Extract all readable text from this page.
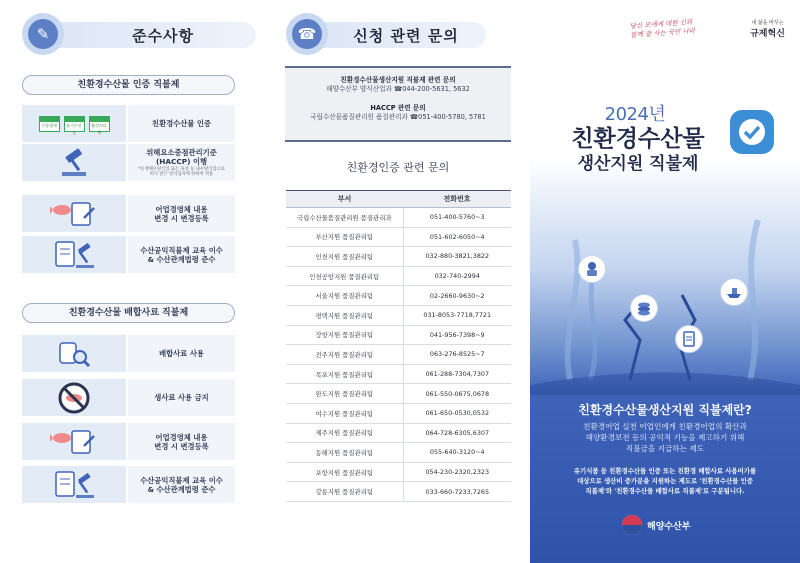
✎	준수사항
친환경수산물 인증 직불제
무항생제	유기수산물
활성처리제
친환경수산물 인증
위해요소중점관리기준
(HACCP) 이행
*유생해수양식업 또는 육상 등 내수양식업으로
허가 받은 양식업자에 한하여 적용
어업경영체 내용
변경 시 변경등록
수산공익직불제 교육 이수
& 수산관계법령 준수
친환경수산물 배합사료 직불제
배합사료 사용
생사료 사용 금지
어업경영체 내용
변경 시 변경등록
수산공익직불제 교육 이수
& 수산관계법령 준수
☎	신청 관련 문의
친환경수산물생산지원 직불제 관련 문의
해양수산부 양식산업과 ☎044-200-5631, 5632
HACCP 관련 문의
국립수산물품질관리원 품질관리과 ☎051-400-5780, 5781
친환경인증 관련 문의
부서	전화번호
국립수산물품질관리원 품질관리과	051-400-5760~3
부산지원 품질관리팀	051-602-6050~4
인천지원 품질관리팀	032-880-3821,3822
인천공항지원 품질관리팀	032-740-2994
서울지원 품질관리팀	02-2660-9630~2
평택지원 품질관리팀	031-8053-7718,7721
장항지원 품질관리팀	041-956-7398~9
전주지원 품질관리팀	063-276-8525~7
목포지원 품질관리팀	061-288-7304,7307
완도지원 품질관리팀	061-550-0675,0678
여수지원 품질관리팀	061-650-0530,0532
제주지원 품질관리팀	064-728-6305,6307
동해지원 품질관리팀	055-640-3120~4
포항지원 품질관리팀	054-230-2320,2323
강릉지원 품질관리팀	033-660-7233,7265
당신 모에에 대한 신뢰
함께 잘 사는 국민 나라
내 삶을 바꾸는
규제혁신
2024년
친환경수산물
생산지원 직불제
친환경수산물생산지원 직불제란?
친환경어업 실천 어업인에게 친환경어업의 확산과
해양환경보전 등의 공익적 기능을 제고하기 위해
직불금을 지급하는 제도
유기식품 등 친환경수산물 인증 또는 친환경 배합사료 사용어가를
대상으로 생산비 증가분을 지원하는 제도로 '친환경수산물 인증
직불제'와 '친환경수산물 배합사료 직불제'로 구분됩니다.
해양수산부
